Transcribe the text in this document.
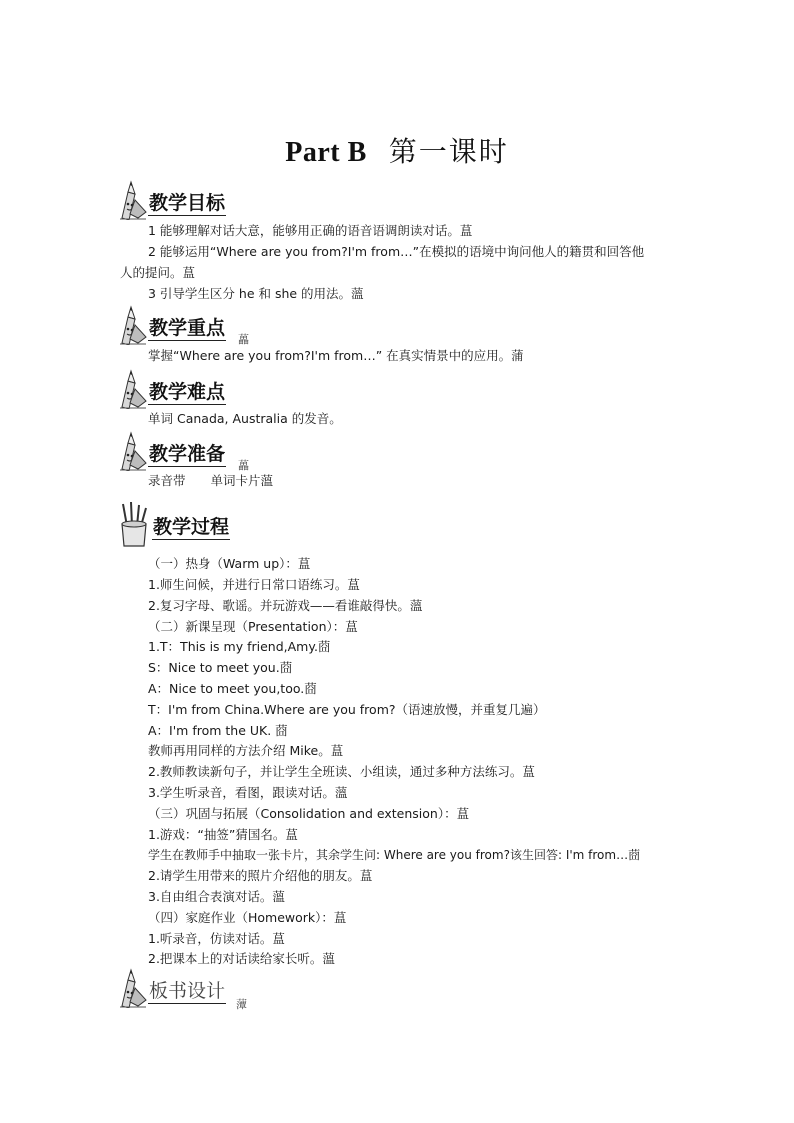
Part B 第一课时
教学目标
1 能够理解对话大意，能够用正确的语音语调朗读对话。蒀
2 能够运用“Where are you from?I'm from…”在模拟的语境中询问他人的籍贯和回答他
人的提问。蒀
3 引导学生区分 he 和 she 的用法。薀
教学重点
藟
掌握“Where are you from?I'm from…” 在真实情景中的应用。蒲
教学难点
单词 Canada, Australia 的发音。
教学准备
藟
录音带　　单词卡片薀
教学过程
（一）热身（Warm up）：蒀
1.师生问候，并进行日常口语练习。蒀
2.复习字母、歌谣。并玩游戏——看谁敲得快。薀
（二）新课呈现（Presentation）：蒀
1.T：This is my friend,Amy.莔
S：Nice to meet you.莔
A：Nice to meet you,too.莔
T：I'm from China.Where are you from?（语速放慢，并重复几遍）
A：I'm from the UK. 莔
教师再用同样的方法介绍 Mike。蒀
2.教师教读新句子，并让学生全班读、小组读，通过多种方法练习。蒀
3.学生听录音，看图，跟读对话。薀
（三）巩固与拓展（Consolidation and extension）：蒀
1.游戏：“抽签”猜国名。蒀
学生在教师手中抽取一张卡片，其余学生问: Where are you from?该生回答: I'm from…莔
2.请学生用带来的照片介绍他的朋友。蒀
3.自由组合表演对话。薀
（四）家庭作业（Homework）：蒀
1.听录音，仿读对话。蒀
2.把课本上的对话读给家长听。薀
板书设计
藫
